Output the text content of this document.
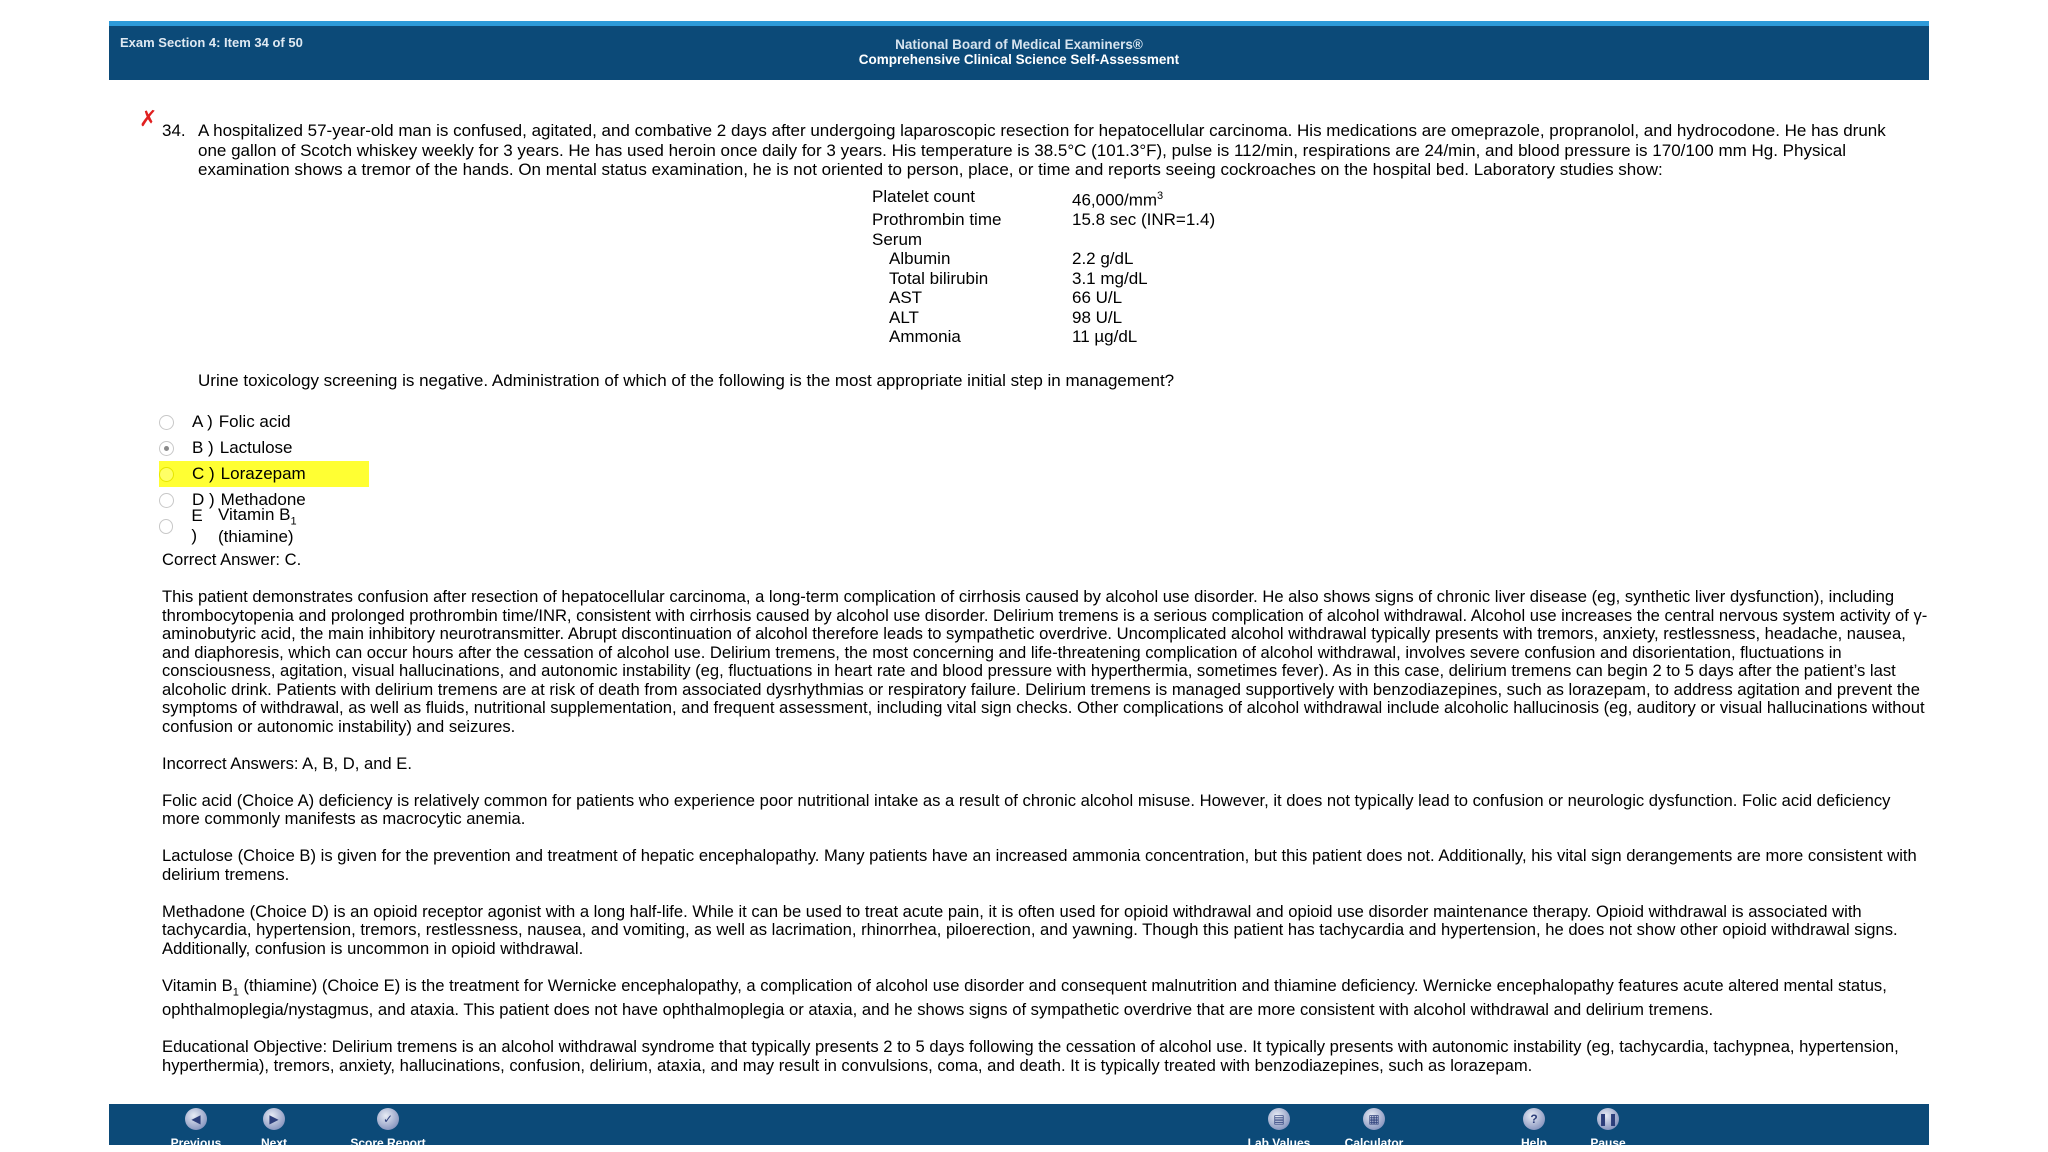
Exam Section 4: Item 34 of 50	National Board of Medical Examiners®
Comprehensive Clinical Science Self-Assessment
✗ 34. A hospitalized 57-year-old man is confused, agitated, and combative 2 days after undergoing laparoscopic resection for hepatocellular carcinoma. His medications are omeprazole, propranolol, and hydrocodone. He has drunk one gallon of Scotch whiskey weekly for 3 years. He has used heroin once daily for 3 years. His temperature is 38.5°C (101.3°F), pulse is 112/min, respirations are 24/min, and blood pressure is 170/100 mm Hg. Physical examination shows a tremor of the hands. On mental status examination, he is not oriented to person, place, or time and reports seeing cockroaches on the hospital bed. Laboratory studies show:

Platelet count	$46,000/mm^3$
Prothrombin time	15.8 sec (INR=1.4)
Serum
Albumin	2.2 g/dL
Total bilirubin	3.1 mg/dL
AST	66 U/L
ALT	98 U/L
Ammonia	11 µg/dL
Urine toxicology screening is negative. Administration of which of the following is the most appropriate initial step in management?
A ) Folic acid
B ) Lactulose
C ) Lorazepam
D ) Methadone
E )
Vitamin $B_1$ (thiamine)

Correct Answer: C.

This patient demonstrates confusion after resection of hepatocellular carcinoma, a long-term complication of cirrhosis caused by alcohol use disorder. He also shows signs of chronic liver disease (eg, synthetic liver dysfunction), including thrombocytopenia and prolonged prothrombin time/INR, consistent with cirrhosis caused by alcohol use disorder. Delirium tremens is a serious complication of alcohol withdrawal. Alcohol use increases the central nervous system activity of γ-aminobutyric acid, the main inhibitory neurotransmitter. Abrupt discontinuation of alcohol therefore leads to sympathetic overdrive. Uncomplicated alcohol withdrawal typically presents with tremors, anxiety, restlessness, headache, nausea, and diaphoresis, which can occur hours after the cessation of alcohol use. Delirium tremens, the most concerning and life-threatening complication of alcohol withdrawal, involves severe confusion and disorientation, fluctuations in consciousness, agitation, visual hallucinations, and autonomic instability (eg, fluctuations in heart rate and blood pressure with hyperthermia, sometimes fever). As in this case, delirium tremens can begin 2 to 5 days after the patient’s last alcoholic drink. Patients with delirium tremens are at risk of death from associated dysrhythmias or respiratory failure. Delirium tremens is managed supportively with benzodiazepines, such as lorazepam, to address agitation and prevent the symptoms of withdrawal, as well as fluids, nutritional supplementation, and frequent assessment, including vital sign checks. Other complications of alcohol withdrawal include alcoholic hallucinosis (eg, auditory or visual hallucinations without confusion or autonomic instability) and seizures.

Incorrect Answers: A, B, D, and E.

Folic acid (Choice A) deficiency is relatively common for patients who experience poor nutritional intake as a result of chronic alcohol misuse. However, it does not typically lead to confusion or neurologic dysfunction. Folic acid deficiency more commonly manifests as macrocytic anemia.

Lactulose (Choice B) is given for the prevention and treatment of hepatic encephalopathy. Many patients have an increased ammonia concentration, but this patient does not. Additionally, his vital sign derangements are more consistent with delirium tremens.

Methadone (Choice D) is an opioid receptor agonist with a long half-life. While it can be used to treat acute pain, it is often used for opioid withdrawal and opioid use disorder maintenance therapy. Opioid withdrawal is associated with tachycardia, hypertension, tremors, restlessness, nausea, and vomiting, as well as lacrimation, rhinorrhea, piloerection, and yawning. Though this patient has tachycardia and hypertension, he does not show other opioid withdrawal signs. Additionally, confusion is uncommon in opioid withdrawal.

Vitamin $B_1$ (thiamine) (Choice E) is the treatment for Wernicke encephalopathy, a complication of alcohol use disorder and consequent malnutrition and thiamine deficiency. Wernicke encephalopathy features acute altered mental status, ophthalmoplegia/nystagmus, and ataxia. This patient does not have ophthalmoplegia or ataxia, and he shows signs of sympathetic overdrive that are more consistent with alcohol withdrawal and delirium tremens.

Educational Objective: Delirium tremens is an alcohol withdrawal syndrome that typically presents 2 to 5 days following the cessation of alcohol use. It typically presents with autonomic instability (eg, tachycardia, tachypnea, hypertension, hyperthermia), tremors, anxiety, hallucinations, confusion, delirium, ataxia, and may result in convulsions, coma, and death. It is typically treated with benzodiazepines, such as lorazepam.

◀
Previous
▶
Next
✓
Score Report
▤
Lab Values
▦
Calculator
?
Help
❚❚
Pause
